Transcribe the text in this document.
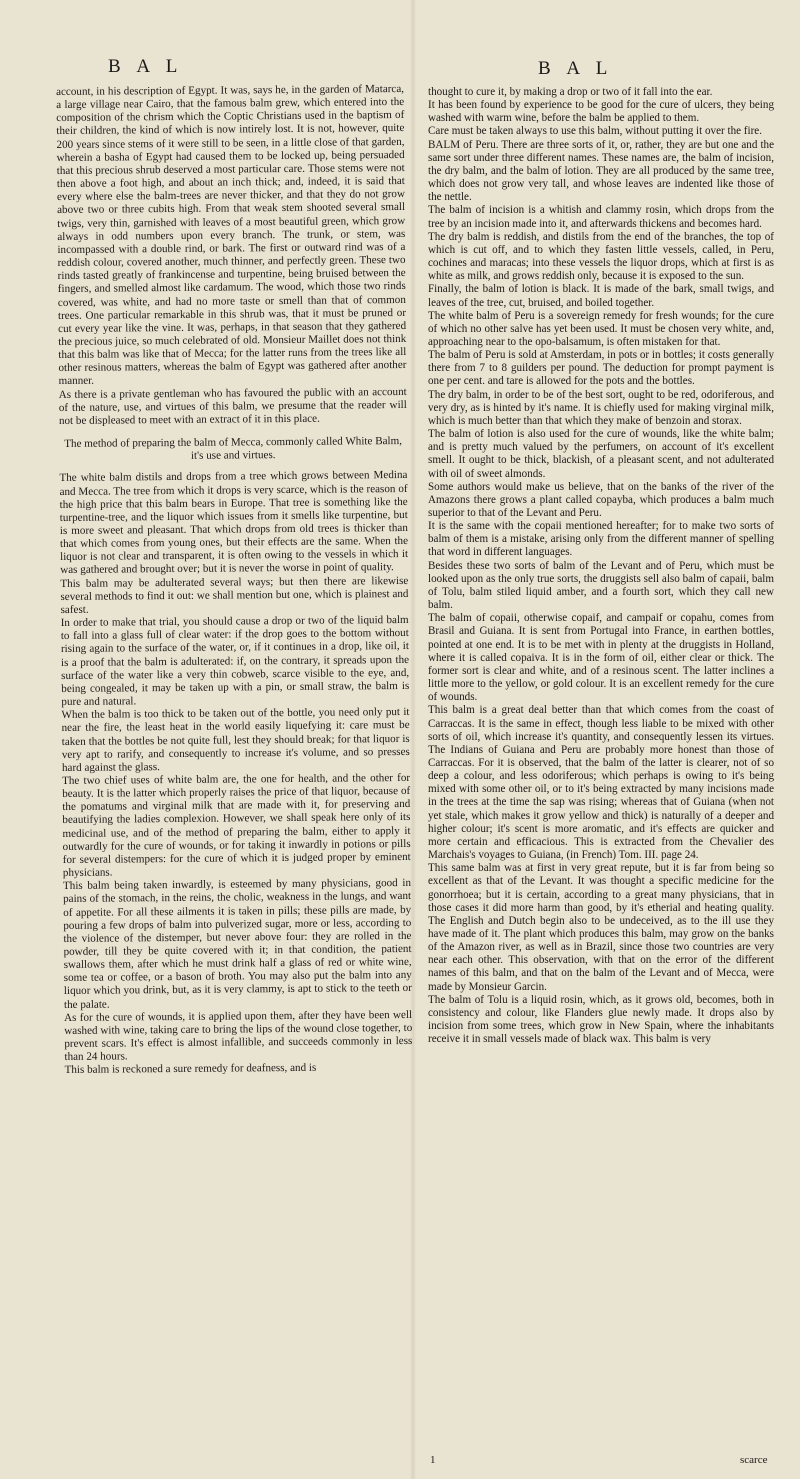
B A L	B A L

account, in his description of Egypt. It was, says he, in the garden of Matarca, a large village near Cairo, that the famous balm grew, which entered into the composition of the chrism which the Coptic Christians used in the baptism of their children, the kind of which is now intirely lost. It is not, however, quite 200 years since stems of it were still to be seen, in a little close of that garden, wherein a basha of Egypt had caused them to be locked up, being persuaded that this precious shrub deserved a most particular care. Those stems were not then above a foot high, and about an inch thick; and, indeed, it is said that every where else the balm-trees are never thicker, and that they do not grow above two or three cubits high. From that weak stem shooted several small twigs, very thin, garnished with leaves of a most beautiful green, which grow always in odd numbers upon every branch. The trunk, or stem, was incompassed with a double rind, or bark. The first or outward rind was of a reddish colour, covered another, much thinner, and perfectly green. These two rinds tasted greatly of frankincense and turpentine, being bruised between the fingers, and smelled almost like cardamum. The wood, which those two rinds covered, was white, and had no more taste or smell than that of common trees. One particular remarkable in this shrub was, that it must be pruned or cut every year like the vine. It was, perhaps, in that season that they gathered the precious juice, so much celebrated of old. Monsieur Maillet does not think that this balm was like that of Mecca; for the latter runs from the trees like all other resinous matters, whereas the balm of Egypt was gathered after another manner.

As there is a private gentleman who has favoured the public with an account of the nature, use, and virtues of this balm, we presume that the reader will not be displeased to meet with an extract of it in this place.

The method of preparing the balm of Mecca, commonly called White Balm, it's use and virtues.

The white balm distils and drops from a tree which grows between Medina and Mecca. The tree from which it drops is very scarce, which is the reason of the high price that this balm bears in Europe. That tree is something like the turpentine-tree, and the liquor which issues from it smells like turpentine, but is more sweet and pleasant. That which drops from old trees is thicker than that which comes from young ones, but their effects are the same. When the liquor is not clear and transparent, it is often owing to the vessels in which it was gathered and brought over; but it is never the worse in point of quality.

This balm may be adulterated several ways; but then there are likewise several methods to find it out: we shall mention but one, which is plainest and safest.

In order to make that trial, you should cause a drop or two of the liquid balm to fall into a glass full of clear water: if the drop goes to the bottom without rising again to the surface of the water, or, if it continues in a drop, like oil, it is a proof that the balm is adulterated: if, on the contrary, it spreads upon the surface of the water like a very thin cobweb, scarce visible to the eye, and, being congealed, it may be taken up with a pin, or small straw, the balm is pure and natural.

When the balm is too thick to be taken out of the bottle, you need only put it near the fire, the least heat in the world easily liquefying it: care must be taken that the bottles be not quite full, lest they should break; for that liquor is very apt to rarify, and consequently to increase it's volume, and so presses hard against the glass.

The two chief uses of white balm are, the one for health, and the other for beauty. It is the latter which properly raises the price of that liquor, because of the pomatums and virginal milk that are made with it, for preserving and beautifying the ladies complexion. However, we shall speak here only of its medicinal use, and of the method of preparing the balm, either to apply it outwardly for the cure of wounds, or for taking it inwardly in potions or pills for several distempers: for the cure of which it is judged proper by eminent physicians.

This balm being taken inwardly, is esteemed by many physicians, good in pains of the stomach, in the reins, the cholic, weakness in the lungs, and want of appetite. For all these ailments it is taken in pills; these pills are made, by pouring a few drops of balm into pulverized sugar, more or less, according to the violence of the distemper, but never above four: they are rolled in the powder, till they be quite covered with it; in that condition, the patient swallows them, after which he must drink half a glass of red or white wine, some tea or coffee, or a bason of broth. You may also put the balm into any liquor which you drink, but, as it is very clammy, is apt to stick to the teeth or the palate.

As for the cure of wounds, it is applied upon them, after they have been well washed with wine, taking care to bring the lips of the wound close together, to prevent scars. It's effect is almost infallible, and succeeds commonly in less than 24 hours.

This balm is reckoned a sure remedy for deafness, and is

thought to cure it, by making a drop or two of it fall into the ear.

It has been found by experience to be good for the cure of ulcers, they being washed with warm wine, before the balm be applied to them.

Care must be taken always to use this balm, without putting it over the fire.

BALM of Peru. There are three sorts of it, or, rather, they are but one and the same sort under three different names. These names are, the balm of incision, the dry balm, and the balm of lotion. They are all produced by the same tree, which does not grow very tall, and whose leaves are indented like those of the nettle.

The balm of incision is a whitish and clammy rosin, which drops from the tree by an incision made into it, and afterwards thickens and becomes hard.

The dry balm is reddish, and distils from the end of the branches, the top of which is cut off, and to which they fasten little vessels, called, in Peru, cochines and maracas; into these vessels the liquor drops, which at first is as white as milk, and grows reddish only, because it is exposed to the sun.

Finally, the balm of lotion is black. It is made of the bark, small twigs, and leaves of the tree, cut, bruised, and boiled together.

The white balm of Peru is a sovereign remedy for fresh wounds; for the cure of which no other salve has yet been used. It must be chosen very white, and, approaching near to the opo-balsamum, is often mistaken for that.

The balm of Peru is sold at Amsterdam, in pots or in bottles; it costs generally there from 7 to 8 guilders per pound. The deduction for prompt payment is one per cent. and tare is allowed for the pots and the bottles.

The dry balm, in order to be of the best sort, ought to be red, odoriferous, and very dry, as is hinted by it's name. It is chiefly used for making virginal milk, which is much better than that which they make of benzoin and storax.

The balm of lotion is also used for the cure of wounds, like the white balm; and is pretty much valued by the perfumers, on account of it's excellent smell. It ought to be thick, blackish, of a pleasant scent, and not adulterated with oil of sweet almonds.

Some authors would make us believe, that on the banks of the river of the Amazons there grows a plant called copayba, which produces a balm much superior to that of the Levant and Peru.

It is the same with the copaii mentioned hereafter; for to make two sorts of balm of them is a mistake, arising only from the different manner of spelling that word in different languages.

Besides these two sorts of balm of the Levant and of Peru, which must be looked upon as the only true sorts, the druggists sell also balm of capaii, balm of Tolu, balm stiled liquid amber, and a fourth sort, which they call new balm.

The balm of copaii, otherwise copaif, and campaif or copahu, comes from Brasil and Guiana. It is sent from Portugal into France, in earthen bottles, pointed at one end. It is to be met with in plenty at the druggists in Holland, where it is called copaiva. It is in the form of oil, either clear or thick. The former sort is clear and white, and of a resinous scent. The latter inclines a little more to the yellow, or gold colour. It is an excellent remedy for the cure of wounds.

This balm is a great deal better than that which comes from the coast of Carraccas. It is the same in effect, though less liable to be mixed with other sorts of oil, which increase it's quantity, and consequently lessen its virtues. The Indians of Guiana and Peru are probably more honest than those of Carraccas. For it is observed, that the balm of the latter is clearer, not of so deep a colour, and less odoriferous; which perhaps is owing to it's being mixed with some other oil, or to it's being extracted by many incisions made in the trees at the time the sap was rising; whereas that of Guiana (when not yet stale, which makes it grow yellow and thick) is naturally of a deeper and higher colour; it's scent is more aromatic, and it's effects are quicker and more certain and efficacious. This is extracted from the Chevalier des Marchais's voyages to Guiana, (in French) Tom. III. page 24.

This same balm was at first in very great repute, but it is far from being so excellent as that of the Levant. It was thought a specific medicine for the gonorrhoea; but it is certain, according to a great many physicians, that in those cases it did more harm than good, by it's etherial and heating quality. The English and Dutch begin also to be undeceived, as to the ill use they have made of it. The plant which produces this balm, may grow on the banks of the Amazon river, as well as in Brazil, since those two countries are very near each other. This observation, with that on the error of the different names of this balm, and that on the balm of the Levant and of Mecca, were made by Monsieur Garcin.

The balm of Tolu is a liquid rosin, which, as it grows old, becomes, both in consistency and colour, like Flanders glue newly made. It drops also by incision from some trees, which grow in New Spain, where the inhabitants receive it in small vessels made of black wax. This balm is very

1	scarce
